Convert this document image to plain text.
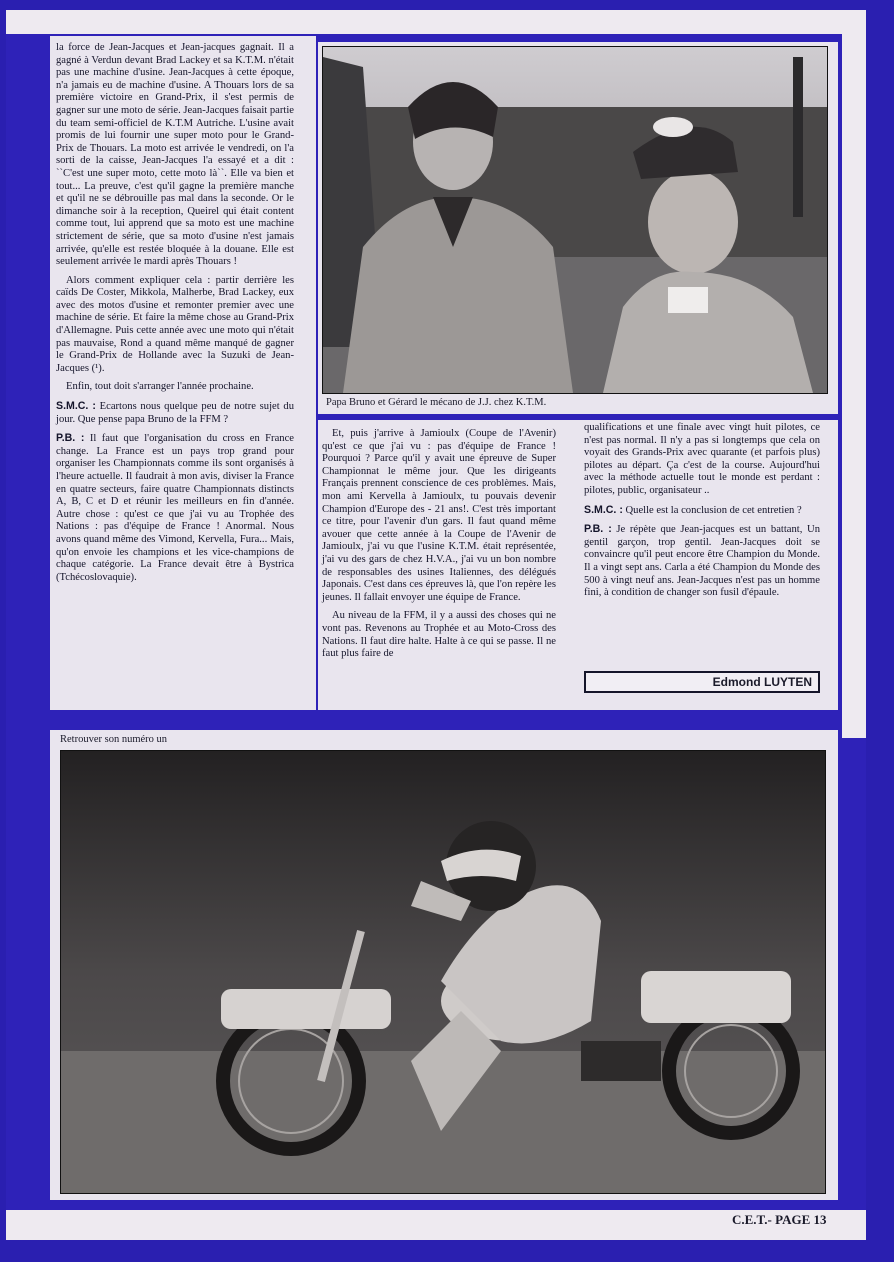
la force de Jean-Jacques et Jean-jacques gagnait. Il a gagné à Verdun devant Brad Lackey et sa K.T.M. n'était pas une machine d'usine. Jean-Jacques à cette époque, n'a jamais eu de machine d'usine. A Thouars lors de sa première victoire en Grand-Prix, il s'est permis de gagner sur une moto de série. Jean-Jacques faisait partie du team semi-officiel de K.T.M Autriche. L'usine avait promis de lui fournir une super moto pour le Grand-Prix de Thouars. La moto est arrivée le vendredi, on l'a sorti de la caisse, Jean-Jacques l'a essayé et a dit : ``C'est une super moto, cette moto là``. Elle va bien et tout... La preuve, c'est qu'il gagne la première manche et qu'il ne se débrouille pas mal dans la seconde. Or le dimanche soir à la reception, Queirel qui était content comme tout, lui apprend que sa moto est une machine strictement de série, que sa moto d'usine n'est jamais arrivée, qu'elle est restée bloquée à la douane. Elle est seulement arrivée le mardi après Thouars !

Alors comment expliquer cela : partir derrière les caïds De Coster, Mikkola, Malherbe, Brad Lackey, eux avec des motos d'usine et remonter premier avec une machine de série. Et faire la même chose au Grand-Prix d'Allemagne. Puis cette année avec une moto qui n'était pas mauvaise, Rond a quand même manqué de gagner le Grand-Prix de Hollande avec la Suzuki de Jean-Jacques (¹).

Enfin, tout doit s'arranger l'année prochaine.

S.M.C. : Ecartons nous quelque peu de notre sujet du jour. Que pense papa Bruno de la FFM ?

P.B. : Il faut que l'organisation du cross en France change. La France est un pays trop grand pour organiser les Championnats comme ils sont organisés à l'heure actuelle. Il faudrait à mon avis, diviser la France en quatre secteurs, faire quatre Championnats distincts A, B, C et D et réunir les meilleurs en fin d'année. Autre chose : qu'est ce que j'ai vu au Trophée des Nations : pas d'équipe de France ! Anormal. Nous avons quand même des Vimond, Kervella, Fura... Mais, qu'on envoie les champions et les vice-champions de chaque catégorie. La France devait être à Bystrica (Tchécoslovaquie).

Papa Bruno et Gérard le mécano de J.J. chez K.T.M.

Et, puis j'arrive à Jamioulx (Coupe de l'Avenir) qu'est ce que j'ai vu : pas d'équipe de France ! Pourquoi ? Parce qu'il y avait une épreuve de Super Championnat le même jour. Que les dirigeants Français prennent conscience de ces problèmes. Mais, mon ami Kervella à Jamioulx, tu pouvais devenir Champion d'Europe des - 21 ans!. C'est très important ce titre, pour l'avenir d'un gars. Il faut quand même avouer que cette année à la Coupe de l'Avenir de Jamioulx, j'ai vu que l'usine K.T.M. était représentée, j'ai vu des gars de chez H.V.A., j'ai vu un bon nombre de responsables des usines Italiennes, des délégués Japonais. C'est dans ces épreuves là, que l'on repère les jeunes. Il fallait envoyer une équipe de France.

Au niveau de la FFM, il y a aussi des choses qui ne vont pas. Revenons au Trophée et au Moto-Cross des Nations. Il faut dire halte. Halte à ce qui se passe. Il ne faut plus faire de

qualifications et une finale avec vingt huit pilotes, ce n'est pas normal. Il n'y a pas si longtemps que cela on voyait des Grands-Prix avec quarante (et parfois plus) pilotes au départ. Ça c'est de la course. Aujourd'hui avec la méthode actuelle tout le monde est perdant : pilotes, public, organisateur ..

S.M.C. : Quelle est la conclusion de cet entretien ?

P.B. : Je répète que Jean-jacques est un battant, Un gentil garçon, trop gentil. Jean-Jacques doit se convaincre qu'il peut encore être Champion du Monde. Il a vingt sept ans. Carla a été Champion du Monde des 500 à vingt neuf ans. Jean-Jacques n'est pas un homme fini, à condition de changer son fusil d'épaule.

Edmond LUYTEN
Retrouver son numéro un
C.E.T.- PAGE 13
